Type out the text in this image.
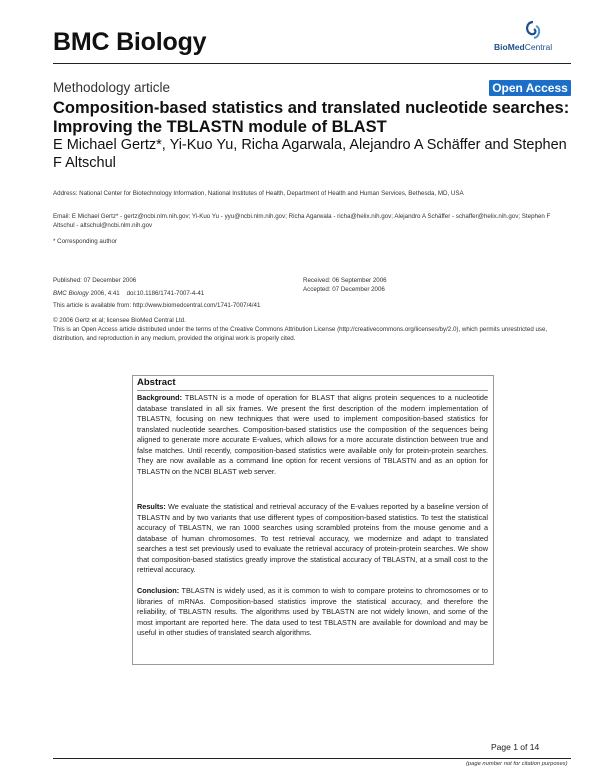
BMC Biology	BioMedCentral
Methodology article	Open Access
Composition-based statistics and translated nucleotide searches: Improving the TBLASTN module of BLAST
E Michael Gertz*, Yi-Kuo Yu, Richa Agarwala, Alejandro A Schäffer and Stephen F Altschul
Address: National Center for Biotechnology Information, National Institutes of Health, Department of Health and Human Services, Bethesda, MD, USA
Email: E Michael Gertz* - gertz@ncbi.nlm.nih.gov; Yi-Kuo Yu - yyu@ncbi.nlm.nih.gov; Richa Agarwala - richa@helix.nih.gov; Alejandro A Schäffer - schaffer@helix.nih.gov; Stephen F Altschul - altschul@ncbi.nlm.nih.gov
* Corresponding author
Published: 07 December 2006
BMC Biology 2006, 4:41    doi:10.1186/1741-7007-4-41
Received: 06 September 2006
Accepted: 07 December 2006
This article is available from: http://www.biomedcentral.com/1741-7007/4/41
© 2006 Gertz et al; licensee BioMed Central Ltd.
This is an Open Access article distributed under the terms of the Creative Commons Attribution License (http://creativecommons.org/licenses/by/2.0), which permits unrestricted use, distribution, and reproduction in any medium, provided the original work is properly cited.
Abstract

Background: TBLASTN is a mode of operation for BLAST that aligns protein sequences to a nucleotide database translated in all six frames. We present the first description of the modern implementation of TBLASTN, focusing on new techniques that were used to implement composition-based statistics for translated nucleotide searches. Composition-based statistics use the composition of the sequences being aligned to generate more accurate E-values, which allows for a more accurate distinction between true and false matches. Until recently, composition-based statistics were available only for protein-protein searches. They are now available as a command line option for recent versions of TBLASTN and as an option for TBLASTN on the NCBI BLAST web server.

Results: We evaluate the statistical and retrieval accuracy of the E-values reported by a baseline version of TBLASTN and by two variants that use different types of composition-based statistics. To test the statistical accuracy of TBLASTN, we ran 1000 searches using scrambled proteins from the mouse genome and a database of human chromosomes. To test retrieval accuracy, we modernize and adapt to translated searches a test set previously used to evaluate the retrieval accuracy of protein-protein searches. We show that composition-based statistics greatly improve the statistical accuracy of TBLASTN, at a small cost to the retrieval accuracy.

Conclusion: TBLASTN is widely used, as it is common to wish to compare proteins to chromosomes or to libraries of mRNAs. Composition-based statistics improve the statistical accuracy, and therefore the reliability, of TBLASTN results. The algorithms used by TBLASTN are not widely known, and some of the most important are reported here. The data used to test TBLASTN are available for download and may be useful in other studies of translated search algorithms.

Page 1 of 14
(page number not for citation purposes)
